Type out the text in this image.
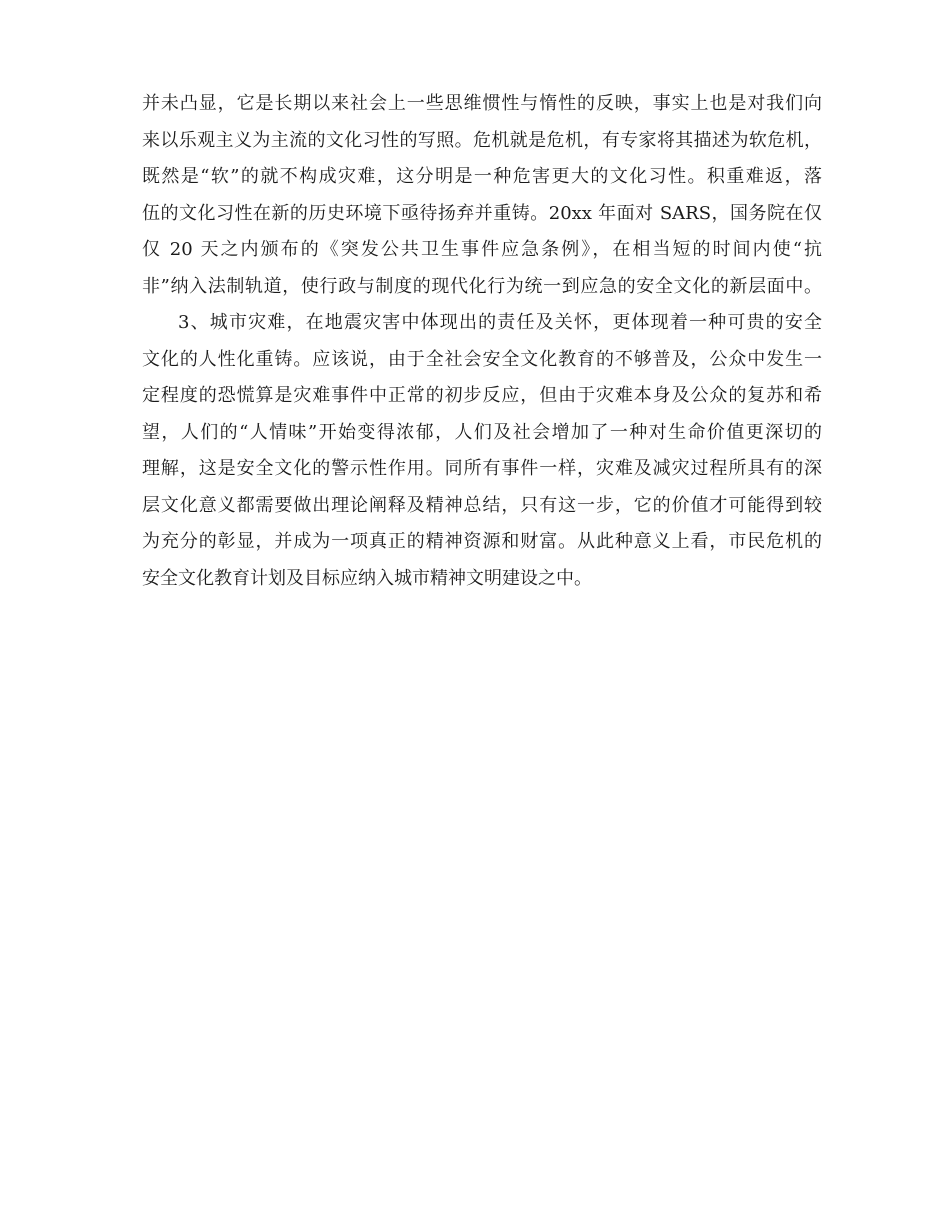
并未凸显，它是长期以来社会上一些思维惯性与惰性的反映，事实上也是对我们向
来以乐观主义为主流的文化习性的写照。危机就是危机，有专家将其描述为软危机，
既然是“软”的就不构成灾难，这分明是一种危害更大的文化习性。积重难返，落
伍的文化习性在新的历史环境下亟待扬弃并重铸。20xx 年面对 SARS，国务院在仅
仅 20 天之内颁布的《突发公共卫生事件应急条例》，在相当短的时间内使“抗
非”纳入法制轨道，使行政与制度的现代化行为统一到应急的安全文化的新层面中。
3、城市灾难，在地震灾害中体现出的责任及关怀，更体现着一种可贵的安全
文化的人性化重铸。应该说，由于全社会安全文化教育的不够普及，公众中发生一
定程度的恐慌算是灾难事件中正常的初步反应，但由于灾难本身及公众的复苏和希
望，人们的“人情味”开始变得浓郁，人们及社会增加了一种对生命价值更深切的
理解，这是安全文化的警示性作用。同所有事件一样，灾难及减灾过程所具有的深
层文化意义都需要做出理论阐释及精神总结，只有这一步，它的价值才可能得到较
为充分的彰显，并成为一项真正的精神资源和财富。从此种意义上看，市民危机的
安全文化教育计划及目标应纳入城市精神文明建设之中。
